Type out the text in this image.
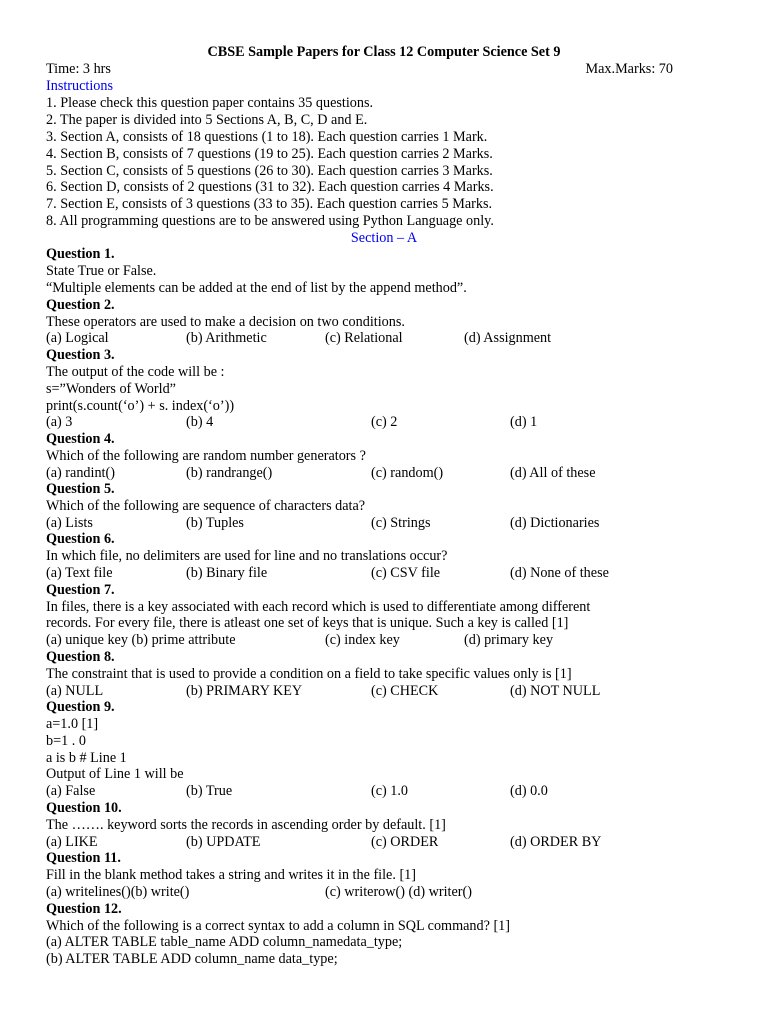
CBSE Sample Papers for Class 12 Computer Science Set 9
Time: 3 hrs	Max.Marks: 70
Instructions
1. Please check this question paper contains 35 questions.
2. The paper is divided into 5 Sections A, B, C, D and E.
3. Section A, consists of 18 questions (1 to 18). Each question carries 1 Mark.
4. Section B, consists of 7 questions (19 to 25). Each question carries 2 Marks.
5. Section C, consists of 5 questions (26 to 30). Each question carries 3 Marks.
6. Section D, consists of 2 questions (31 to 32). Each question carries 4 Marks.
7. Section E, consists of 3 questions (33 to 35). Each question carries 5 Marks.
8. All programming questions are to be answered using Python Language only.
Section – A
Question 1.
State True or False.
“Multiple elements can be added at the end of list by the append method”.
Question 2.
These operators are used to make a decision on two conditions.
(a) Logical	(b) Arithmetic	(c) Relational	(d) Assignment
Question 3.
The output of the code will be :
s=”Wonders of World”
print(s.count(‘o’) + s. index(‘o’))
(a) 3	(b) 4	(c) 2	(d) 1
Question 4.
Which of the following are random number generators ?
(a) randint()	(b) randrange()	(c) random()	(d) All of these
Question 5.
Which of the following are sequence of characters data?
(a) Lists	(b) Tuples	(c) Strings	(d) Dictionaries
Question 6.
In which file, no delimiters are used for line and no translations occur?
(a) Text file	(b) Binary file	(c) CSV file	(d) None of these
Question 7.
In files, there is a key associated with each record which is used to differentiate among different
records. For every file, there is atleast one set of keys that is unique. Such a key is called [1]
(a) unique key (b) prime attribute	(c) index key	(d) primary key
Question 8.
The constraint that is used to provide a condition on a field to take specific values only is [1]
(a) NULL	(b) PRIMARY KEY	(c) CHECK	(d) NOT NULL
Question 9.
a=1.0 [1]
b=1 . 0
a is b # Line 1
Output of Line 1 will be
(a) False	(b) True	(c) 1.0	(d) 0.0
Question 10.
The ……. keyword sorts the records in ascending order by default. [1]
(a) LIKE	(b) UPDATE	(c) ORDER	(d) ORDER BY
Question 11.
Fill in the blank method takes a string and writes it in the file. [1]
(a) writelines()(b) write()	(c) writerow() (d) writer()
Question 12.
Which of the following is a correct syntax to add a column in SQL command? [1]
(a) ALTER TABLE table_name ADD column_namedata_type;
(b) ALTER TABLE ADD column_name data_type;
